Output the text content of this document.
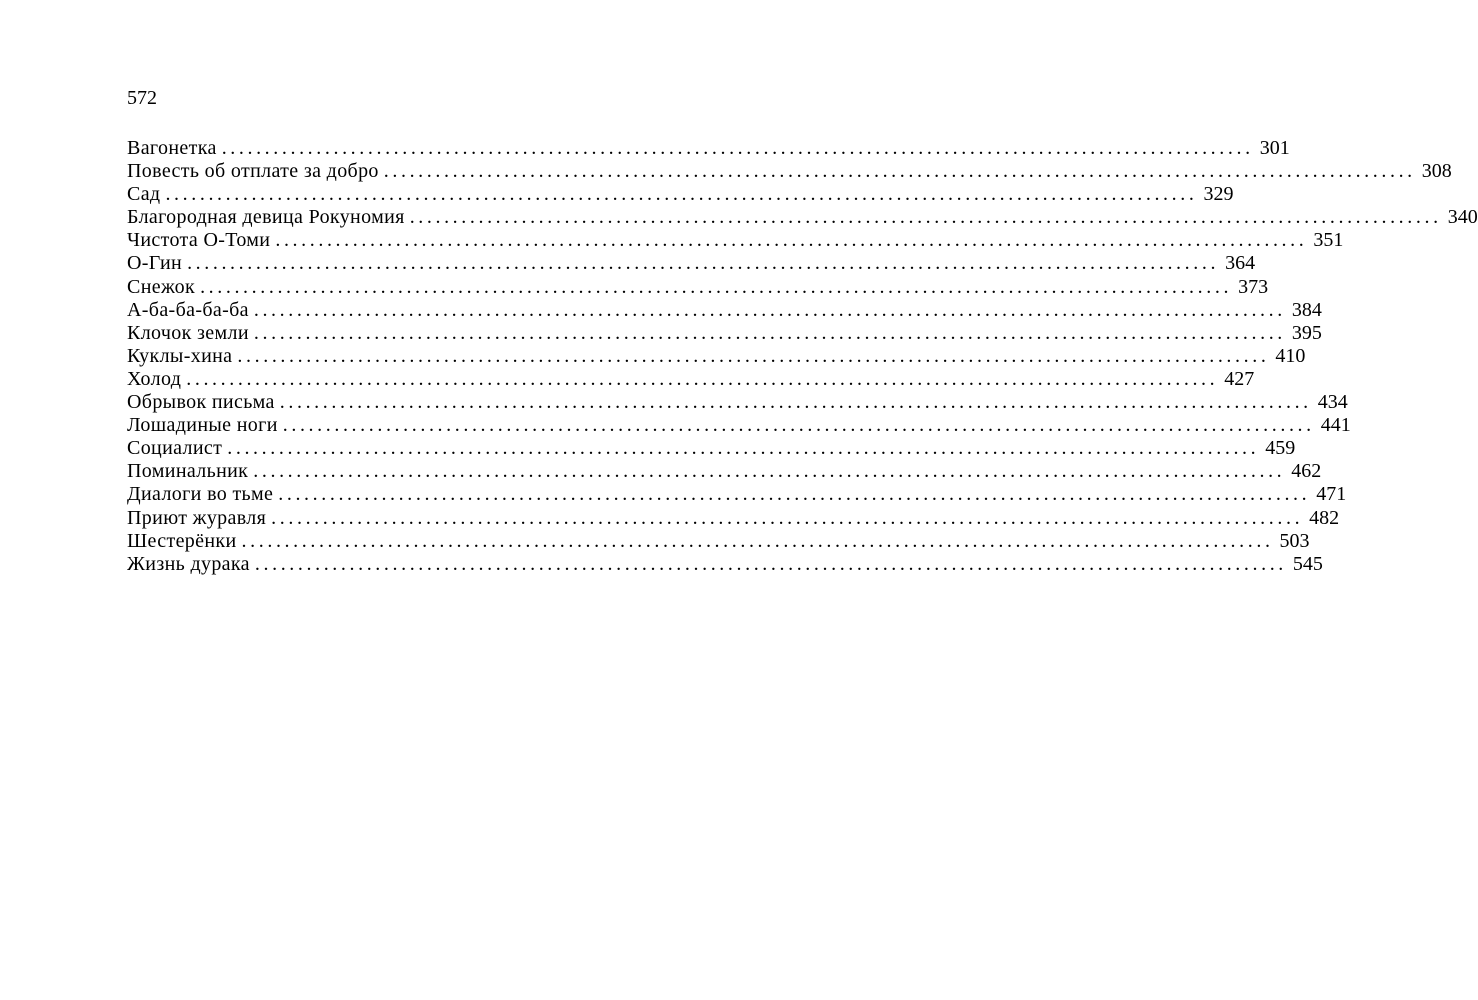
572
Вагонетка ........................................................................................................................ 301
Повесть об отплате за добро ........................................................................................................................ 308
Сад ........................................................................................................................ 329
Благородная девица Рокуномия ........................................................................................................................ 340
Чистота О-Томи ........................................................................................................................ 351
О-Гин ........................................................................................................................ 364
Снежок ........................................................................................................................ 373
А-ба-ба-ба-ба ........................................................................................................................ 384
Клочок земли ........................................................................................................................ 395
Куклы-хина ........................................................................................................................ 410
Холод ........................................................................................................................ 427
Обрывок письма ........................................................................................................................ 434
Лошадиные ноги ........................................................................................................................ 441
Социалист ........................................................................................................................ 459
Поминальник ........................................................................................................................ 462
Диалоги во тьме ........................................................................................................................ 471
Приют журавля ........................................................................................................................ 482
Шестерёнки ........................................................................................................................ 503
Жизнь дурака ........................................................................................................................ 545
